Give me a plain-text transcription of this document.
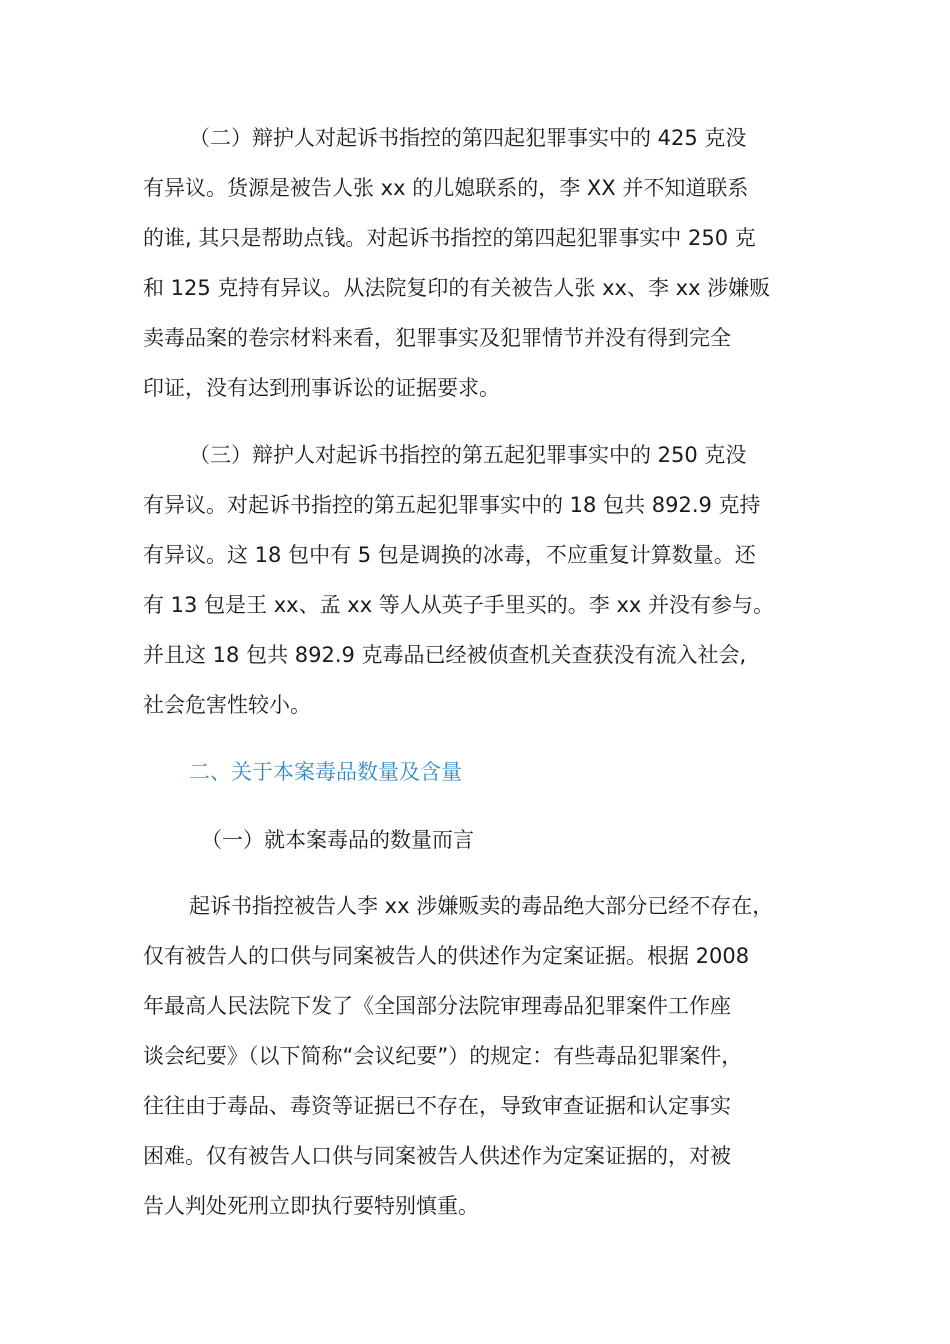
（二）辩护人对起诉书指控的第四起犯罪事实中的 425 克没
有异议。货源是被告人张 xx 的儿媳联系的，李 XX 并不知道联系
的谁, 其只是帮助点钱。对起诉书指控的第四起犯罪事实中 250 克
和 125 克持有异议。从法院复印的有关被告人张 xx、李 xx 涉嫌贩
卖毒品案的卷宗材料来看，犯罪事实及犯罪情节并没有得到完全
印证，没有达到刑事诉讼的证据要求。
（三）辩护人对起诉书指控的第五起犯罪事实中的 250 克没
有异议。对起诉书指控的第五起犯罪事实中的 18 包共 892.9 克持
有异议。这 18 包中有 5 包是调换的冰毒，不应重复计算数量。还
有 13 包是王 xx、孟 xx 等人从英子手里买的。李 xx 并没有参与。
并且这 18 包共 892.9 克毒品已经被侦查机关查获没有流入社会,
社会危害性较小。
二、关于本案毒品数量及含量
（一）就本案毒品的数量而言
起诉书指控被告人李 xx 涉嫌贩卖的毒品绝大部分已经不存在，
仅有被告人的口供与同案被告人的供述作为定案证据。根据 2008
年最高人民法院下发了《全国部分法院审理毒品犯罪案件工作座
谈会纪要》（以下简称“会议纪要”）的规定：有些毒品犯罪案件，
往往由于毒品、毒资等证据已不存在，导致审查证据和认定事实
困难。仅有被告人口供与同案被告人供述作为定案证据的，对被
告人判处死刑立即执行要特别慎重。
